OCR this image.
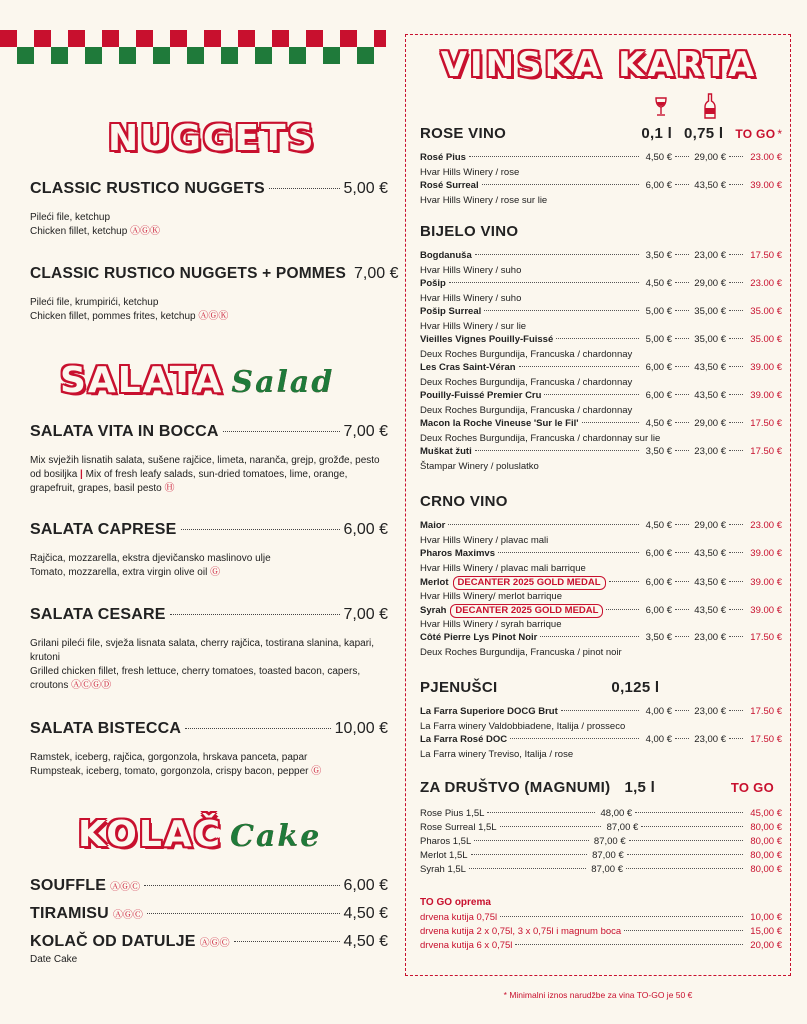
NUGGETS
CLASSIC RUSTICO NUGGETS	5,00 €
Pileći file, ketchup
Chicken fillet, ketchup ⒶⒼⓀ
CLASSIC RUSTICO NUGGETS + POMMES 7,00 €
Pileći file, krumpirići, ketchup
Chicken fillet, pommes frites, ketchup ⒶⒼⓀ
SALATA Salad
SALATA VITA IN BOCCA	7,00 €
Mix svježih lisnatih salata, sušene rajčice, limeta, naranča, grejp, grožđe, pesto od bosiljka | Mix of fresh leafy salads, sun-dried tomatoes, lime, orange, grapefruit, grapes, basil pesto Ⓗ
SALATA CAPRESE	6,00 €
Rajčica, mozzarella, ekstra djevičansko maslinovo ulje
Tomato, mozzarella, extra virgin olive oil Ⓖ
SALATA CESARE	7,00 €
Grilani pileći file, svježa lisnata salata, cherry rajčica, tostirana slanina, kapari, krutoni
Grilled chicken fillet, fresh lettuce, cherry tomatoes, toasted bacon, capers, croutons ⒶⒸⒼⒹ
SALATA BISTECCA	10,00 €
Ramstek, iceberg, rajčica, gorgonzola, hrskava panceta, papar
Rumpsteak, iceberg, tomato, gorgonzola, crispy bacon, pepper Ⓖ
KOLAČ Cake
SOUFFLE ⒶⒼⒸ	6,00 €
TIRAMISU ⒶⒼⒸ	4,50 €
KOLAČ OD DATULJE ⒶⒼⒸ	4,50 €
Date Cake
VINSKA KARTA
ROSE VINO	0,1 l 0,75 l TO GO *
Rosé Pius	4,50 € 29,00 €	23.00 €
Hvar Hills Winery / rose
Rosé Surreal	6,00 € 43,50 €	39.00 €
Hvar Hills Winery / rose sur lie
BIJELO VINO
Bogdanuša	3,50 € 23,00 €	17.50 €
Hvar Hills Winery / suho
Pošip	4,50 € 29,00 €	23.00 €
Hvar Hills Winery / suho
Pošip Surreal	5,00 € 35,00 €	35.00 €
Hvar Hills Winery / sur lie
Vieilles Vignes Pouilly-Fuissé	5,00 € 35,00 €	35.00 €
Deux Roches Burgundija, Francuska / chardonnay
Les Cras Saint-Véran	6,00 € 43,50 €	39.00 €
Deux Roches Burgundija, Francuska / chardonnay
Pouilly-Fuissé Premier Cru	6,00 € 43,50 €	39.00 €
Deux Roches Burgundija, Francuska / chardonnay
Macon la Roche Vineuse 'Sur le Fil'	4,50 € 29,00 €	17.50 €
Deux Roches Burgundija, Francuska / chardonnay sur lie
Muškat žuti	3,50 € 23,00 €	17.50 €
Štampar Winery / poluslatko
CRNO VINO
Maior	4,50 € 29,00 €	23.00 €
Hvar Hills Winery / plavac mali
Pharos Maximvs	6,00 € 43,50 €	39.00 €
Hvar Hills Winery / plavac mali barrique
Merlot DECANTER 2025 GOLD MEDAL	6,00 € 43,50 €	39.00 €
Hvar Hills Winery/ merlot barrique
Syrah DECANTER 2025 GOLD MEDAL	6,00 € 43,50 €	39.00 €
Hvar Hills Winery / syrah barrique
Côté Pierre Lys Pinot Noir	3,50 € 23,00 €	17.50 €
Deux Roches Burgundija, Francuska / pinot noir
PJENUŠCI	0,125 l
La Farra Superiore DOCG Brut	4,00 € 23,00 €	17.50 €
La Farra winery Valdobbiadene, Italija / prosseco
La Farra Rosé DOC	4,00 € 23,00 €	17.50 €
La Farra winery Treviso, Italija / rose
ZA DRUŠTVO (MAGNUMI) 1,5 l	TO GO
Rose Pius 1,5L	48,00 €	45,00 €
Rose Surreal 1,5L	87,00 €	80,00 €
Pharos 1,5L	87,00 €	80,00 €
Merlot 1,5L	87,00 €	80,00 €
Syrah 1,5L	87,00 €	80,00 €
TO GO oprema
drvena kutija 0,75l	10,00 €
drvena kutija 2 x 0,75l, 3 x 0,75l i magnum boca	15,00 €
drvena kutija 6 x 0,75l	20,00 €
* Minimalni iznos narudžbe za vina TO-GO je 50 €
